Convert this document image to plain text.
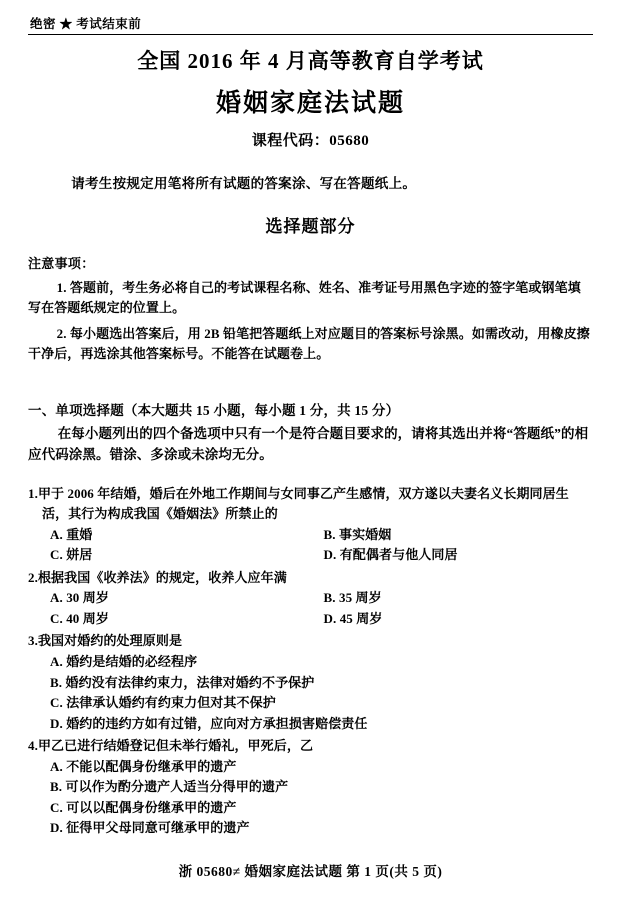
绝密 ★ 考试结束前
全国 2016 年 4 月高等教育自学考试
婚姻家庭法试题
课程代码：05680
请考生按规定用笔将所有试题的答案涂、写在答题纸上。
选择题部分
注意事项：
1. 答题前，考生务必将自己的考试课程名称、姓名、准考证号用黑色字迹的签字笔或钢笔填写在答题纸规定的位置上。
2. 每小题选出答案后，用 2B 铅笔把答题纸上对应题目的答案标号涂黑。如需改动，用橡皮擦干净后，再选涂其他答案标号。不能答在试题卷上。
一、单项选择题（本大题共 15 小题，每小题 1 分，共 15 分）
在每小题列出的四个备选项中只有一个是符合题目要求的，请将其选出并将“答题纸”的相应代码涂黑。错涂、多涂或未涂均无分。
1.甲于 2006 年结婚，婚后在外地工作期间与女同事乙产生感情，双方遂以夫妻名义长期同居生活，其行为构成我国《婚姻法》所禁止的
A. 重婚	B. 事实婚姻
C. 姘居	D. 有配偶者与他人同居
2.根据我国《收养法》的规定，收养人应年满
A. 30 周岁	B. 35 周岁
C. 40 周岁	D. 45 周岁
3.我国对婚约的处理原则是
A. 婚约是结婚的必经程序
B. 婚约没有法律约束力，法律对婚约不予保护
C. 法律承认婚约有约束力但对其不保护
D. 婚约的违约方如有过错，应向对方承担损害赔偿责任
4.甲乙已进行结婚登记但未举行婚礼，甲死后，乙
A. 不能以配偶身份继承甲的遗产
B. 可以作为酌分遗产人适当分得甲的遗产
C. 可以以配偶身份继承甲的遗产
D. 征得甲父母同意可继承甲的遗产
浙 05680≠ 婚姻家庭法试题 第 1 页(共 5 页)
